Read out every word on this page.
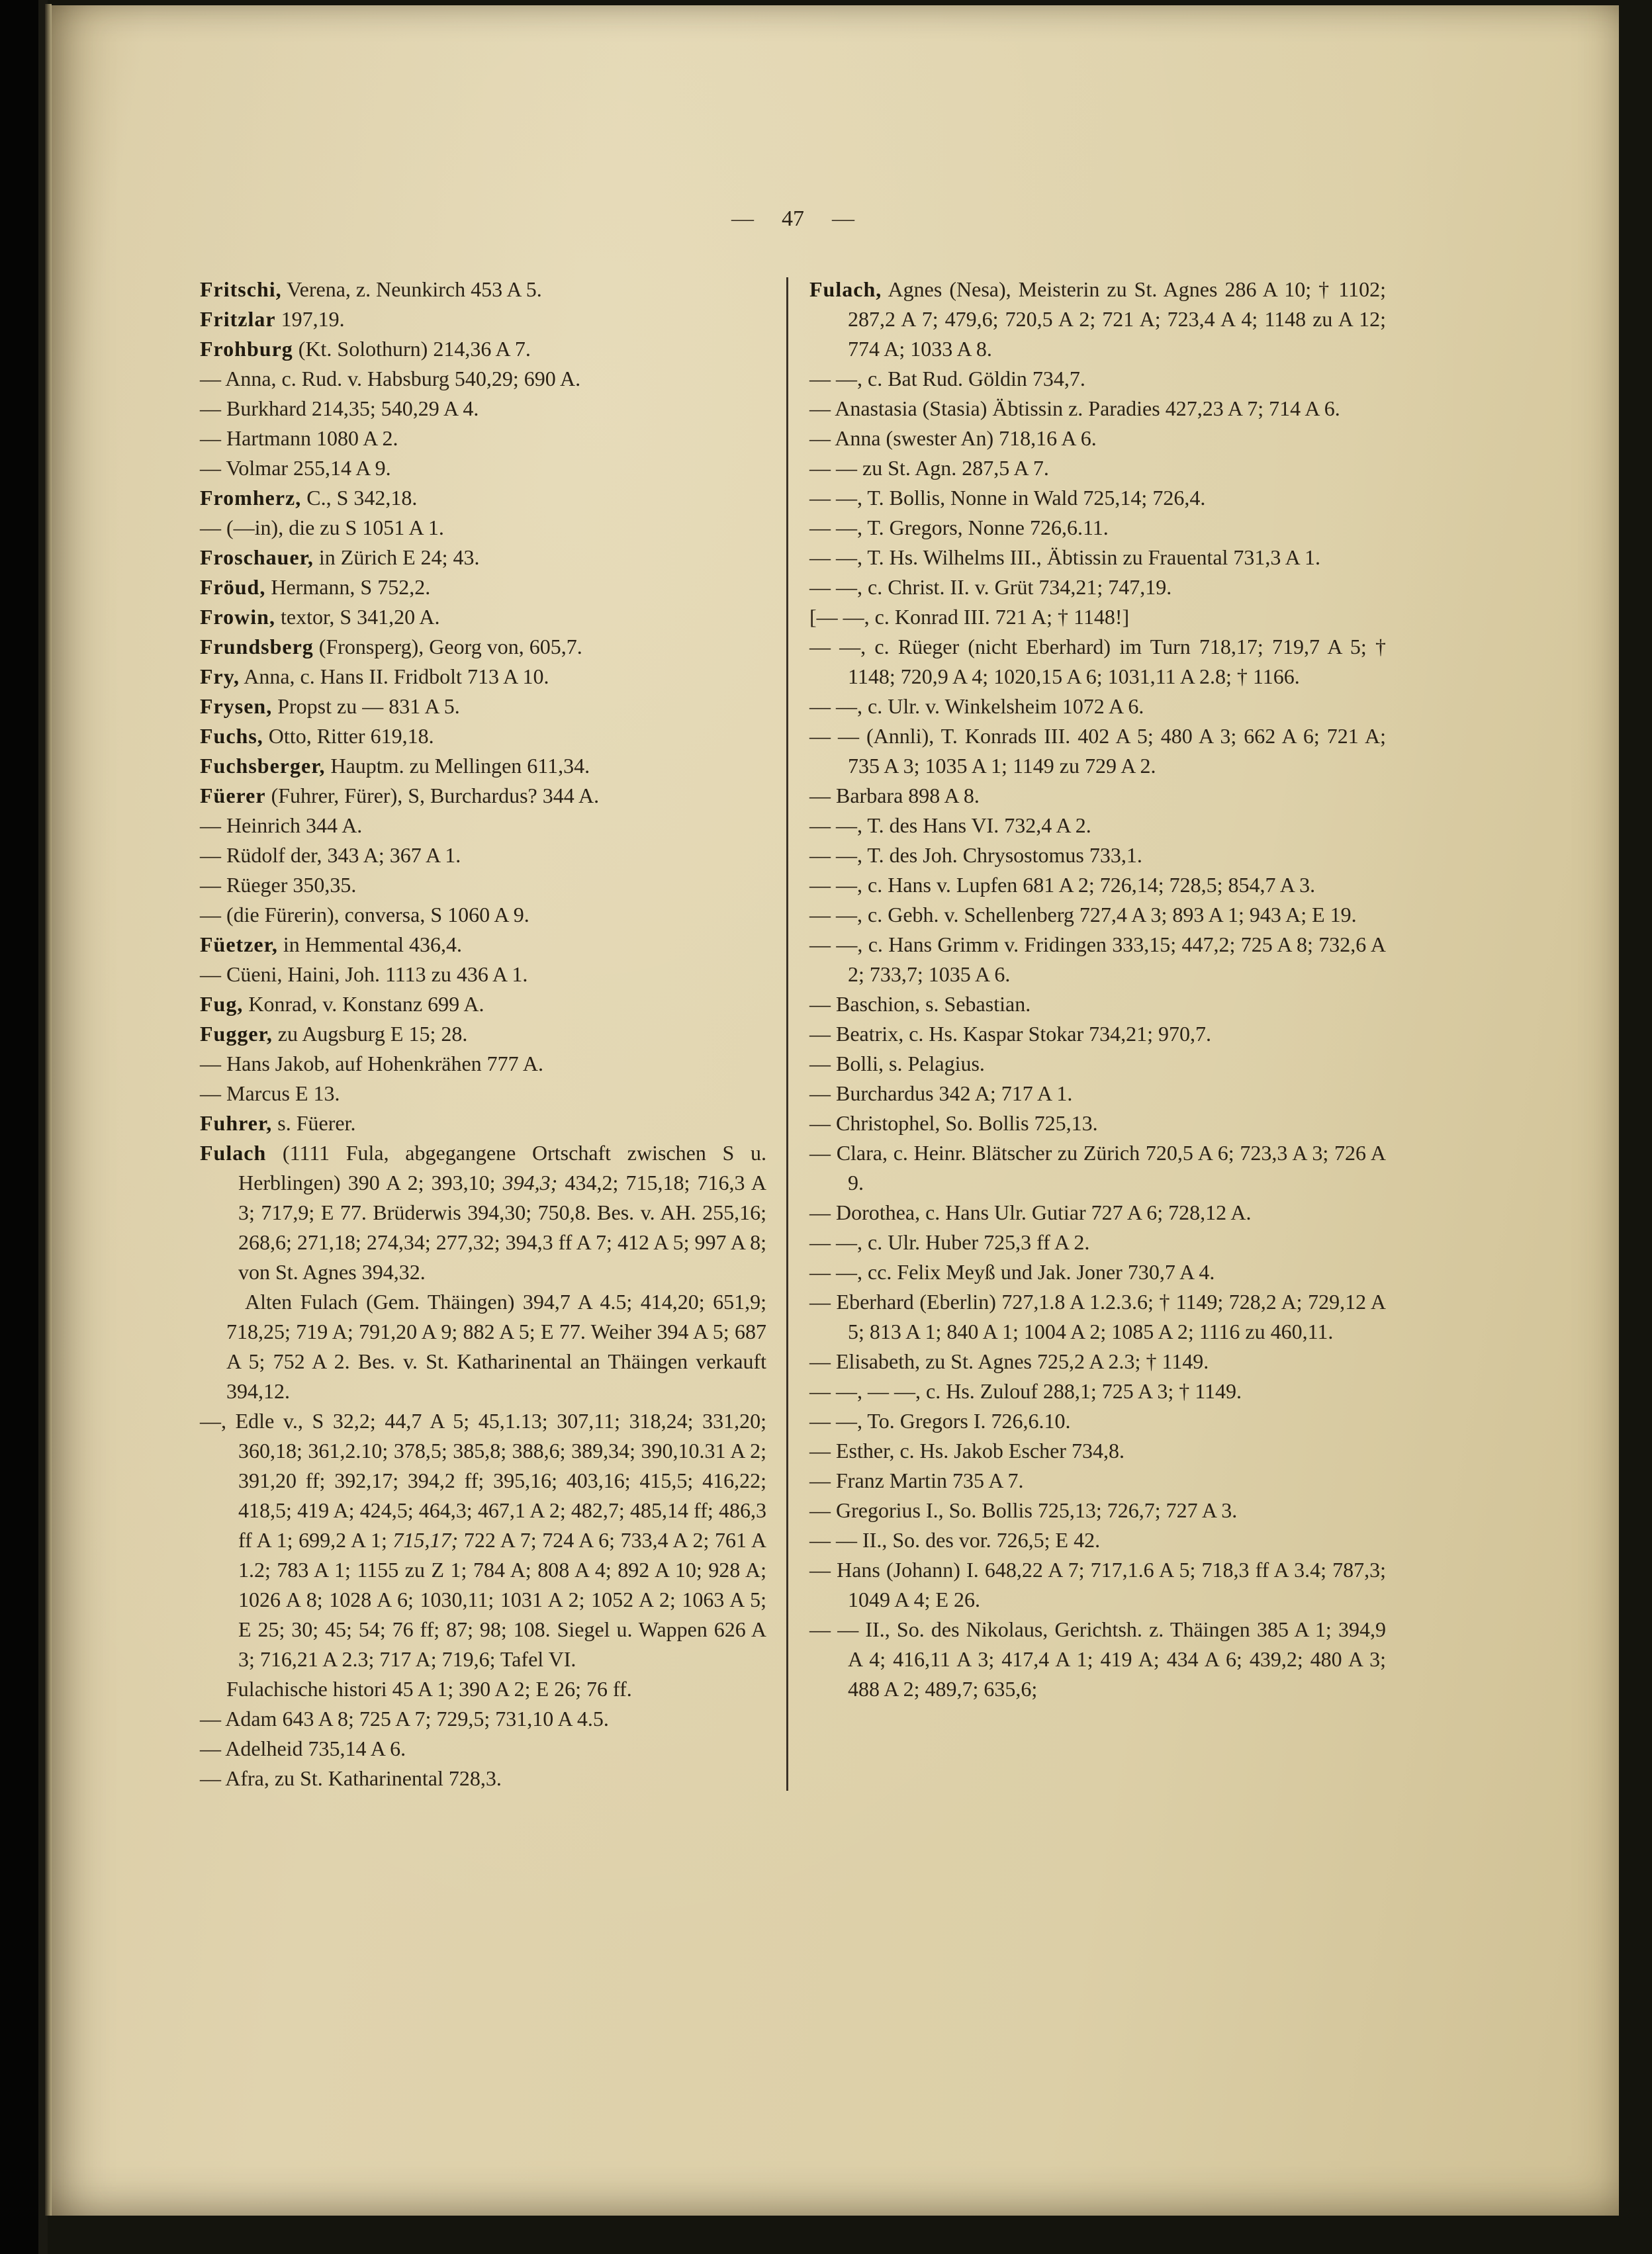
— 47 —

Fritschi, Verena, z. Neunkirch 453 A 5.

Fritzlar 197,19.

Frohburg (Kt. Solothurn) 214,36 A 7.

— Anna, c. Rud. v. Habsburg 540,29; 690 A.

— Burkhard 214,35; 540,29 A 4.

— Hartmann 1080 A 2.

— Volmar 255,14 A 9.

Fromherz, C., S 342,18.

— (—in), die zu S 1051 A 1.

Froschauer, in Zürich E 24; 43.

Fröud, Hermann, S 752,2.

Frowin, textor, S 341,20 A.

Frundsberg (Fronsperg), Georg von, 605,7.

Fry, Anna, c. Hans II. Fridbolt 713 A 10.

Frysen, Propst zu — 831 A 5.

Fuchs, Otto, Ritter 619,18.

Fuchsberger, Hauptm. zu Mellingen 611,34.

Füerer (Fuhrer, Fürer), S, Burchardus? 344 A.

— Heinrich 344 A.

— Rüdolf der, 343 A; 367 A 1.

— Rüeger 350,35.

— (die Fürerin), conversa, S 1060 A 9.

Füetzer, in Hemmental 436,4.

— Cüeni, Haini, Joh. 1113 zu 436 A 1.

Fug, Konrad, v. Konstanz 699 A.

Fugger, zu Augsburg E 15; 28.

— Hans Jakob, auf Hohenkrähen 777 A.

— Marcus E 13.

Fuhrer, s. Füerer.

Fulach (1111 Fula, abgegangene Ortschaft zwischen S u. Herblingen) 390 A 2; 393,10; 394,3; 434,2; 715,18; 716,3 A 3; 717,9; E 77. Brüderwis 394,30; 750,8. Bes. v. AH. 255,16; 268,6; 271,18; 274,34; 277,32; 394,3 ff A 7; 412 A 5; 997 A 8; von St. Agnes 394,32.

Alten Fulach (Gem. Thäingen) 394,7 A 4.5; 414,20; 651,9; 718,25; 719 A; 791,20 A 9; 882 A 5; E 77. Weiher 394 A 5; 687 A 5; 752 A 2. Bes. v. St. Katharinental an Thäingen verkauft 394,12.

—, Edle v., S 32,2; 44,7 A 5; 45,1.13; 307,11; 318,24; 331,20; 360,18; 361,2.10; 378,5; 385,8; 388,6; 389,34; 390,10.31 A 2; 391,20 ff; 392,17; 394,2 ff; 395,16; 403,16; 415,5; 416,22; 418,5; 419 A; 424,5; 464,3; 467,1 A 2; 482,7; 485,14 ff; 486,3 ff A 1; 699,2 A 1; 715,17; 722 A 7; 724 A 6; 733,4 A 2; 761 A 1.2; 783 A 1; 1155 zu Z 1; 784 A; 808 A 4; 892 A 10; 928 A; 1026 A 8; 1028 A 6; 1030,11; 1031 A 2; 1052 A 2; 1063 A 5; E 25; 30; 45; 54; 76 ff; 87; 98; 108. Siegel u. Wappen 626 A 3; 716,21 A 2.3; 717 A; 719,6; Tafel VI.

Fulachische histori 45 A 1; 390 A 2; E 26; 76 ff.

— Adam 643 A 8; 725 A 7; 729,5; 731,10 A 4.5.

— Adelheid 735,14 A 6.

— Afra, zu St. Katharinental 728,3.

Fulach, Agnes (Nesa), Meisterin zu St. Agnes 286 A 10; † 1102; 287,2 A 7; 479,6; 720,5 A 2; 721 A; 723,4 A 4; 1148 zu A 12; 774 A; 1033 A 8.

— —, c. Bat Rud. Göldin 734,7.

— Anastasia (Stasia) Äbtissin z. Paradies 427,23 A 7; 714 A 6.

— Anna (swester An) 718,16 A 6.

— — zu St. Agn. 287,5 A 7.

— —, T. Bollis, Nonne in Wald 725,14; 726,4.

— —, T. Gregors, Nonne 726,6.11.

— —, T. Hs. Wilhelms III., Äbtissin zu Frauental 731,3 A 1.

— —, c. Christ. II. v. Grüt 734,21; 747,19.

[— —, c. Konrad III. 721 A; † 1148!]

— —, c. Rüeger (nicht Eberhard) im Turn 718,17; 719,7 A 5; † 1148; 720,9 A 4; 1020,15 A 6; 1031,11 A 2.8; † 1166.

— —, c. Ulr. v. Winkelsheim 1072 A 6.

— — (Annli), T. Konrads III. 402 A 5; 480 A 3; 662 A 6; 721 A; 735 A 3; 1035 A 1; 1149 zu 729 A 2.

— Barbara 898 A 8.

— —, T. des Hans VI. 732,4 A 2.

— —, T. des Joh. Chrysostomus 733,1.

— —, c. Hans v. Lupfen 681 A 2; 726,14; 728,5; 854,7 A 3.

— —, c. Gebh. v. Schellenberg 727,4 A 3; 893 A 1; 943 A; E 19.

— —, c. Hans Grimm v. Fridingen 333,15; 447,2; 725 A 8; 732,6 A 2; 733,7; 1035 A 6.

— Baschion, s. Sebastian.

— Beatrix, c. Hs. Kaspar Stokar 734,21; 970,7.

— Bolli, s. Pelagius.

— Burchardus 342 A; 717 A 1.

— Christophel, So. Bollis 725,13.

— Clara, c. Heinr. Blätscher zu Zürich 720,5 A 6; 723,3 A 3; 726 A 9.

— Dorothea, c. Hans Ulr. Gutiar 727 A 6; 728,12 A.

— —, c. Ulr. Huber 725,3 ff A 2.

— —, cc. Felix Meyß und Jak. Joner 730,7 A 4.

— Eberhard (Eberlin) 727,1.8 A 1.2.3.6; † 1149; 728,2 A; 729,12 A 5; 813 A 1; 840 A 1; 1004 A 2; 1085 A 2; 1116 zu 460,11.

— Elisabeth, zu St. Agnes 725,2 A 2.3; † 1149.

— —, — —, c. Hs. Zulouf 288,1; 725 A 3; † 1149.

— —, To. Gregors I. 726,6.10.

— Esther, c. Hs. Jakob Escher 734,8.

— Franz Martin 735 A 7.

— Gregorius I., So. Bollis 725,13; 726,7; 727 A 3.

— — II., So. des vor. 726,5; E 42.

— Hans (Johann) I. 648,22 A 7; 717,1.6 A 5; 718,3 ff A 3.4; 787,3; 1049 A 4; E 26.

— — II., So. des Nikolaus, Gerichtsh. z. Thäingen 385 A 1; 394,9 A 4; 416,11 A 3; 417,4 A 1; 419 A; 434 A 6; 439,2; 480 A 3; 488 A 2; 489,7; 635,6;
